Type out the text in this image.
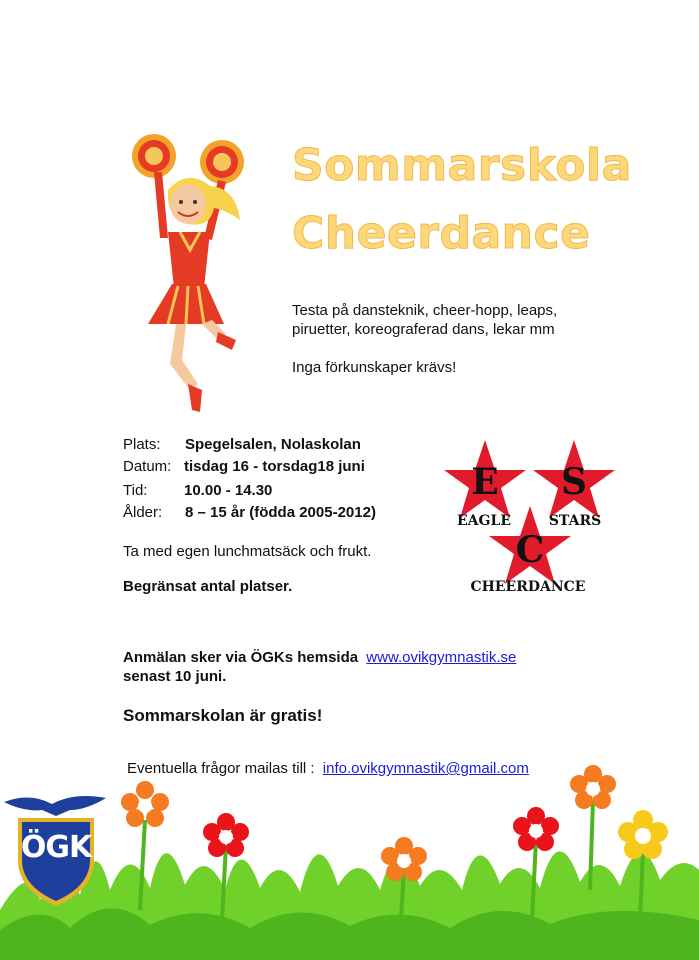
Sommarskola
Cheerdance
Testa på dansteknik, cheer-hopp, leaps,
piruetter, koreograferad dans, lekar mm
Inga förkunskaper krävs!
Plats: Spegelsalen, Nolaskolan
Datum: tisdag 16 - torsdag18 juni
Tid: 10.00 - 14.30
Ålder: 8 – 15 år (födda 2005-2012)
Ta med egen lunchmatsäck och frukt.
Begränsat antal platser.
E S
C
EAGLE	STARS
CHEERDANCE
Anmälan sker via ÖGKs hemsida www.ovikgymnastik.se
senast 10 juni.
Sommarskolan är gratis!
Eventuella frågor mailas till : info.ovikgymnastik@gmail.com
ÖGK
